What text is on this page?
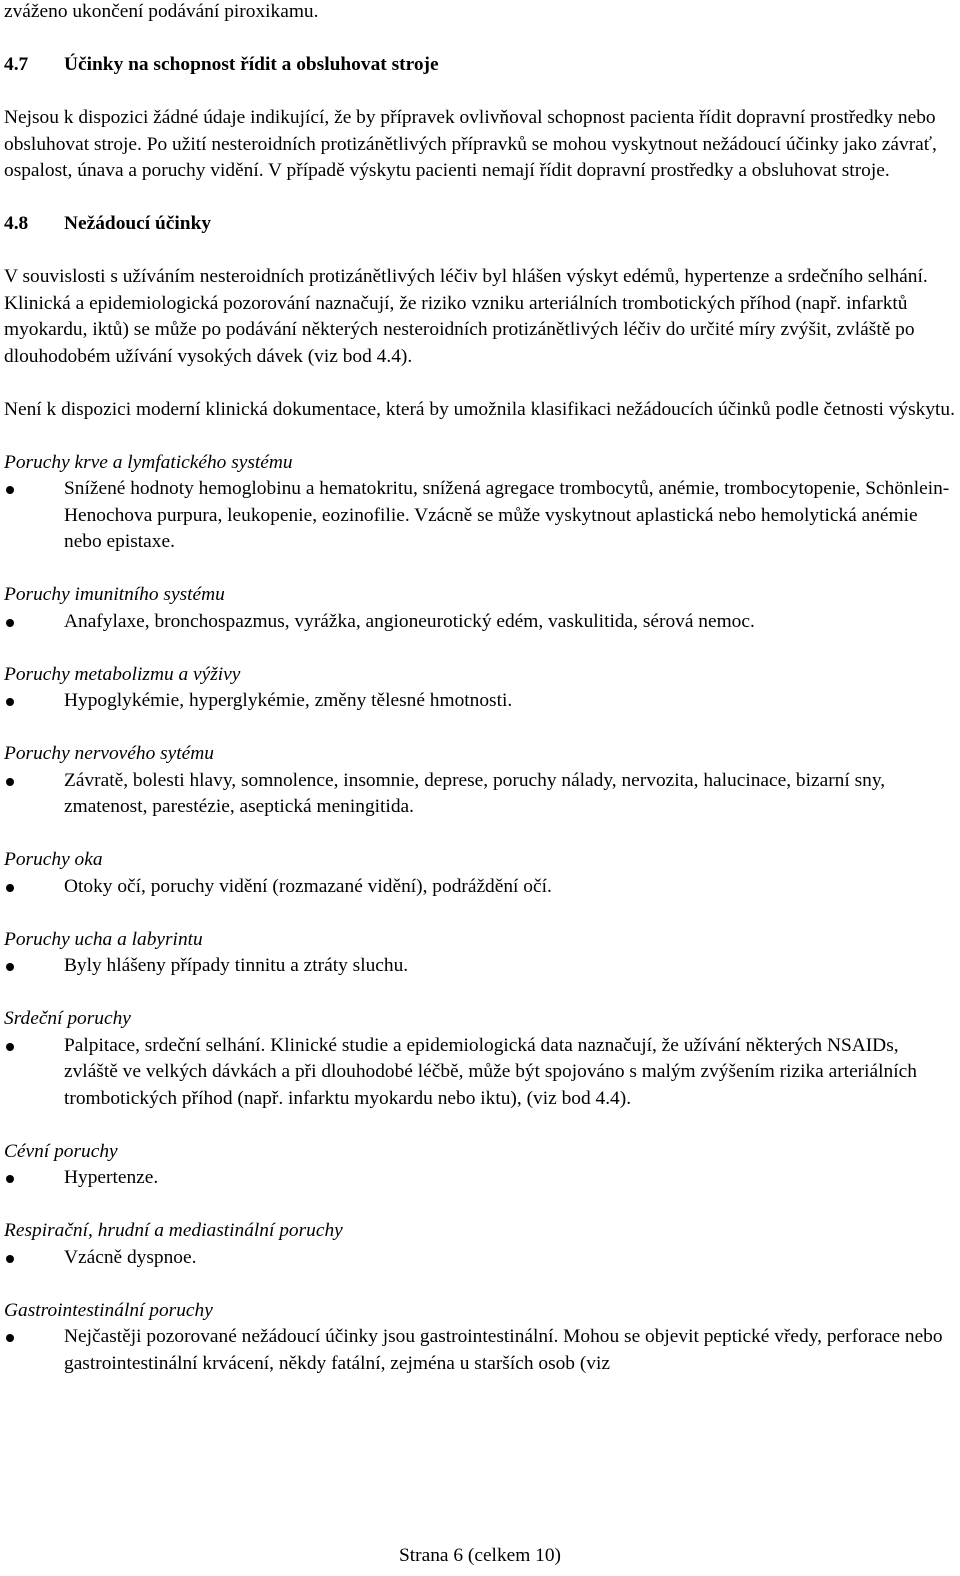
zváženo ukončení podávání piroxikamu.

4.7	Účinky na schopnost řídit a obsluhovat stroje

Nejsou k dispozici žádné údaje indikující, že by přípravek ovlivňoval schopnost pacienta řídit dopravní prostředky nebo obsluhovat stroje. Po užití nesteroidních protizánětlivých přípravků se mohou vyskytnout nežádoucí účinky jako závrať, ospalost, únava a poruchy vidění. V případě výskytu pacienti nemají řídit dopravní prostředky a obsluhovat stroje.

4.8	Nežádoucí účinky

V souvislosti s užíváním nesteroidních protizánětlivých léčiv byl hlášen výskyt edémů, hypertenze a srdečního selhání.

Klinická a epidemiologická pozorování naznačují, že riziko vzniku arteriálních trombotických příhod (např. infarktů myokardu, iktů) se může po podávání některých nesteroidních protizánětlivých léčiv do určité míry zvýšit, zvláště po dlouhodobém užívání vysokých dávek (viz bod 4.4).

Není k dispozici moderní klinická dokumentace, která by umožnila klasifikaci nežádoucích účinků podle četnosti výskytu.

Poruchy krve a lymfatického systému

Snížené hodnoty hemoglobinu a hematokritu, snížená agregace trombocytů, anémie, trombocytopenie, Schönlein-Henochova purpura, leukopenie, eozinofilie. Vzácně se může vyskytnout aplastická nebo hemolytická anémie nebo epistaxe.

Poruchy imunitního systému

Anafylaxe, bronchospazmus, vyrážka, angioneurotický edém, vaskulitida, sérová nemoc.

Poruchy metabolizmu a výživy

Hypoglykémie, hyperglykémie, změny tělesné hmotnosti.

Poruchy nervového sytému

Závratě, bolesti hlavy, somnolence, insomnie, deprese, poruchy nálady, nervozita, halucinace, bizarní sny, zmatenost, parestézie, aseptická meningitida.

Poruchy oka

Otoky očí, poruchy vidění (rozmazané vidění), podráždění očí.

Poruchy ucha a labyrintu

Byly hlášeny případy tinnitu a ztráty sluchu.

Srdeční poruchy

Palpitace, srdeční selhání. Klinické studie a epidemiologická data naznačují, že užívání některých NSAIDs, zvláště ve velkých dávkách a při dlouhodobé léčbě, může být spojováno s malým zvýšením rizika arteriálních trombotických příhod (např. infarktu myokardu nebo iktu), (viz bod 4.4).

Cévní poruchy

Hypertenze.

Respirační, hrudní a mediastinální poruchy

Vzácně dyspnoe.

Gastrointestinální poruchy

Nejčastěji pozorované nežádoucí účinky jsou gastrointestinální. Mohou se objevit peptické vředy, perforace nebo gastrointestinální krvácení, někdy fatální, zejména u starších osob (viz
Strana 6 (celkem 10)
